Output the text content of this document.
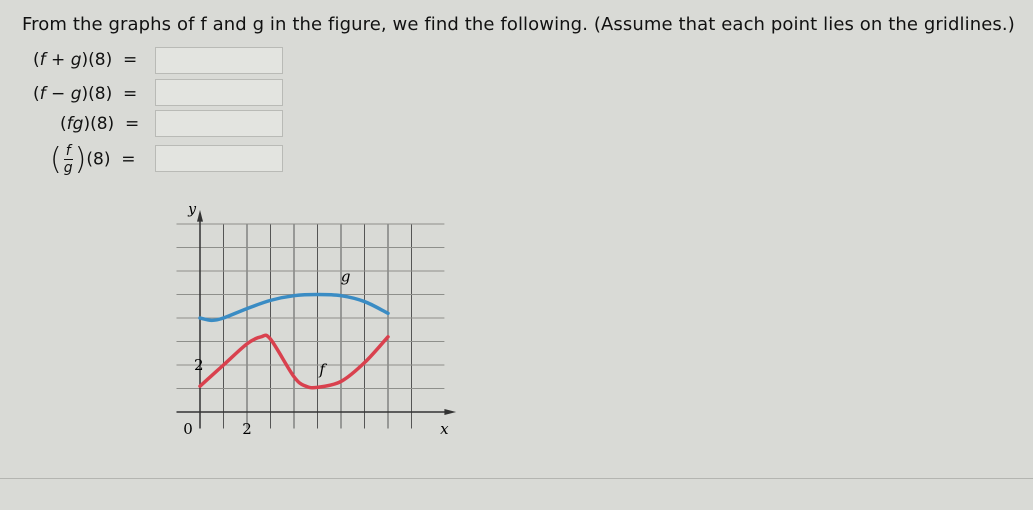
From the graphs of f and g in the figure, we find the following. (Assume that each point lies on the gridlines.)
(f + g)(8) =
(f − g)(8) =
(fg)(8) =
( $\frac{f}{g} )(8)$ =
y
x
0	2
2
g
f
